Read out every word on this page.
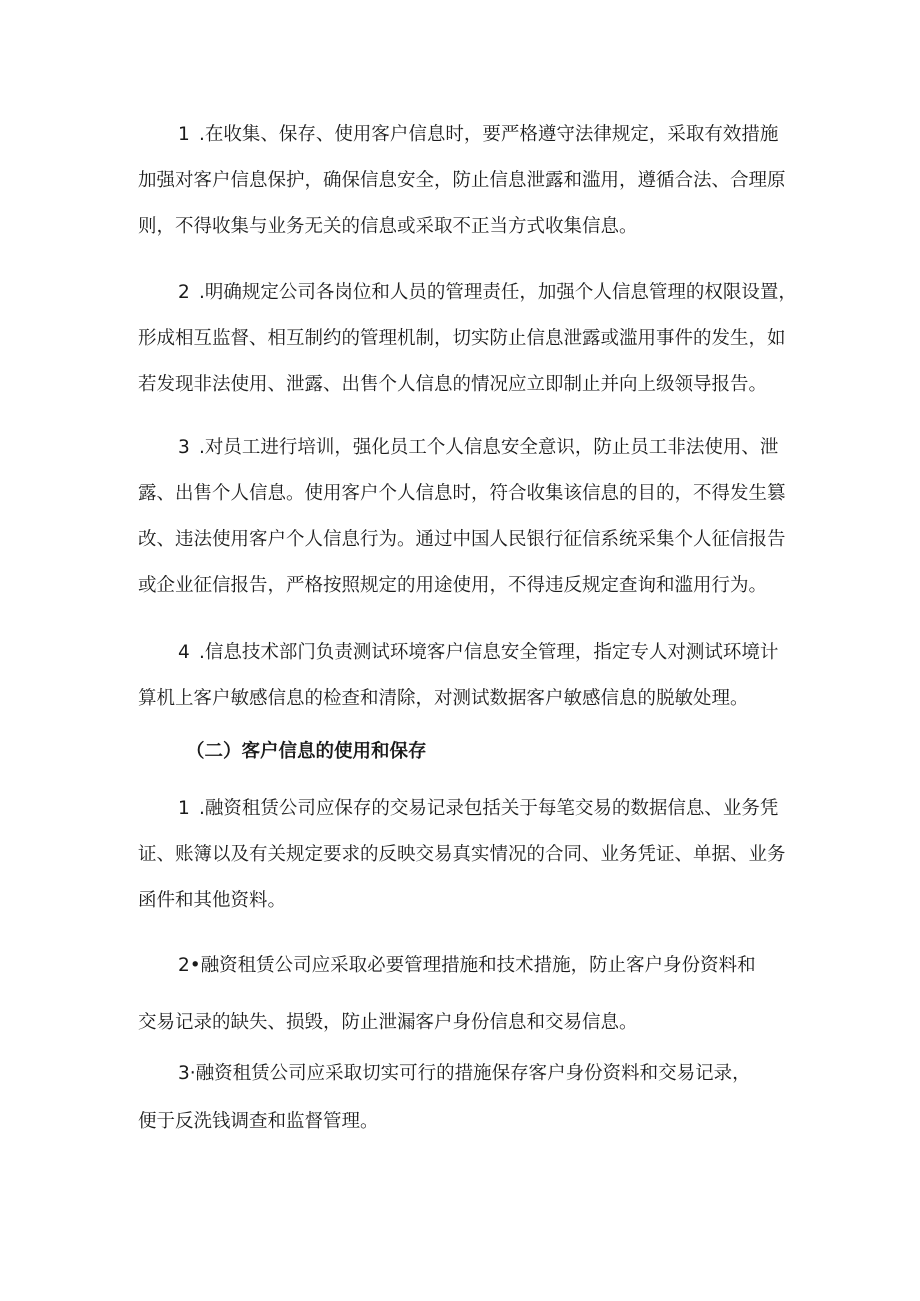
1 .在收集、保存、使用客户信息时，要严格遵守法律规定，采取有效措施
加强对客户信息保护，确保信息安全，防止信息泄露和滥用，遵循合法、合理原
则，不得收集与业务无关的信息或采取不正当方式收集信息。

2 .明确规定公司各岗位和人员的管理责任，加强个人信息管理的权限设置，
形成相互监督、相互制约的管理机制，切实防止信息泄露或滥用事件的发生，如
若发现非法使用、泄露、出售个人信息的情况应立即制止并向上级领导报告。

3 .对员工进行培训，强化员工个人信息安全意识，防止员工非法使用、泄
露、出售个人信息。使用客户个人信息时，符合收集该信息的目的，不得发生篡
改、违法使用客户个人信息行为。通过中国人民银行征信系统采集个人征信报告
或企业征信报告，严格按照规定的用途使用，不得违反规定查询和滥用行为。

4 .信息技术部门负责测试环境客户信息安全管理，指定专人对测试环境计
算机上客户敏感信息的检查和清除，对测试数据客户敏感信息的脱敏处理。

（二）客户信息的使用和保存

1 .融资租赁公司应保存的交易记录包括关于每笔交易的数据信息、业务凭
证、账簿以及有关规定要求的反映交易真实情况的合同、业务凭证、单据、业务
函件和其他资料。

2•融资租赁公司应采取必要管理措施和技术措施，防止客户身份资料和

交易记录的缺失、损毁，防止泄漏客户身份信息和交易信息。

3·融资租赁公司应采取切实可行的措施保存客户身份资料和交易记录，

便于反洗钱调查和监督管理。
